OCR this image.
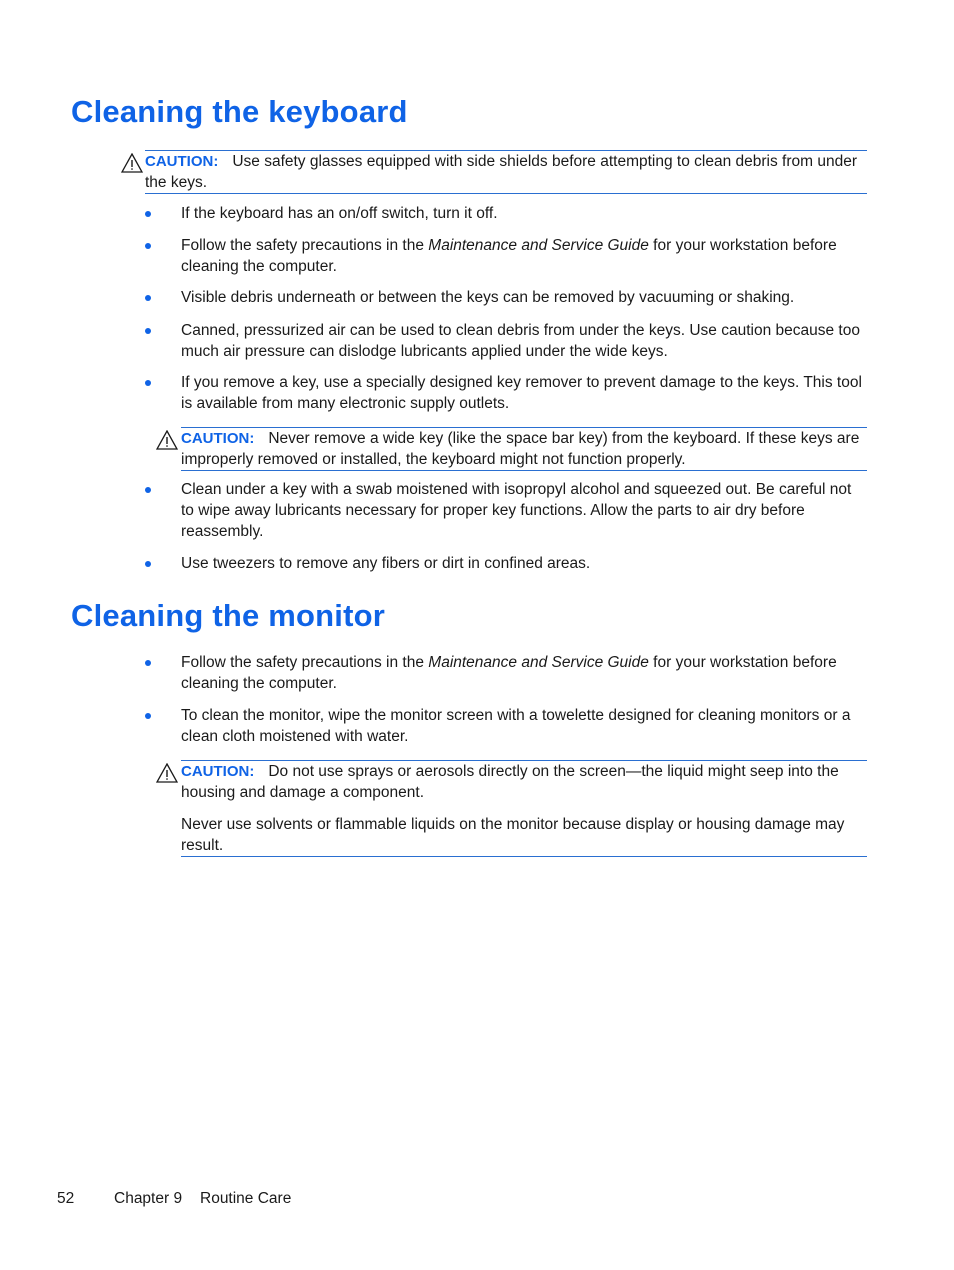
Cleaning the keyboard
CAUTION: Use safety glasses equipped with side shields before attempting to clean debris from under the keys.
If the keyboard has an on/off switch, turn it off.
Follow the safety precautions in the Maintenance and Service Guide for your workstation before cleaning the computer.
Visible debris underneath or between the keys can be removed by vacuuming or shaking.
Canned, pressurized air can be used to clean debris from under the keys. Use caution because too much air pressure can dislodge lubricants applied under the wide keys.
If you remove a key, use a specially designed key remover to prevent damage to the keys. This tool is available from many electronic supply outlets.
CAUTION: Never remove a wide key (like the space bar key) from the keyboard. If these keys are improperly removed or installed, the keyboard might not function properly.
Clean under a key with a swab moistened with isopropyl alcohol and squeezed out. Be careful not to wipe away lubricants necessary for proper key functions. Allow the parts to air dry before reassembly.
Use tweezers to remove any fibers or dirt in confined areas.
Cleaning the monitor
Follow the safety precautions in the Maintenance and Service Guide for your workstation before cleaning the computer.
To clean the monitor, wipe the monitor screen with a towelette designed for cleaning monitors or a clean cloth moistened with water.
CAUTION: Do not use sprays or aerosols directly on the screen—the liquid might seep into the housing and damage a component.
Never use solvents or flammable liquids on the monitor because display or housing damage may result.
52	Chapter 9 Routine Care
